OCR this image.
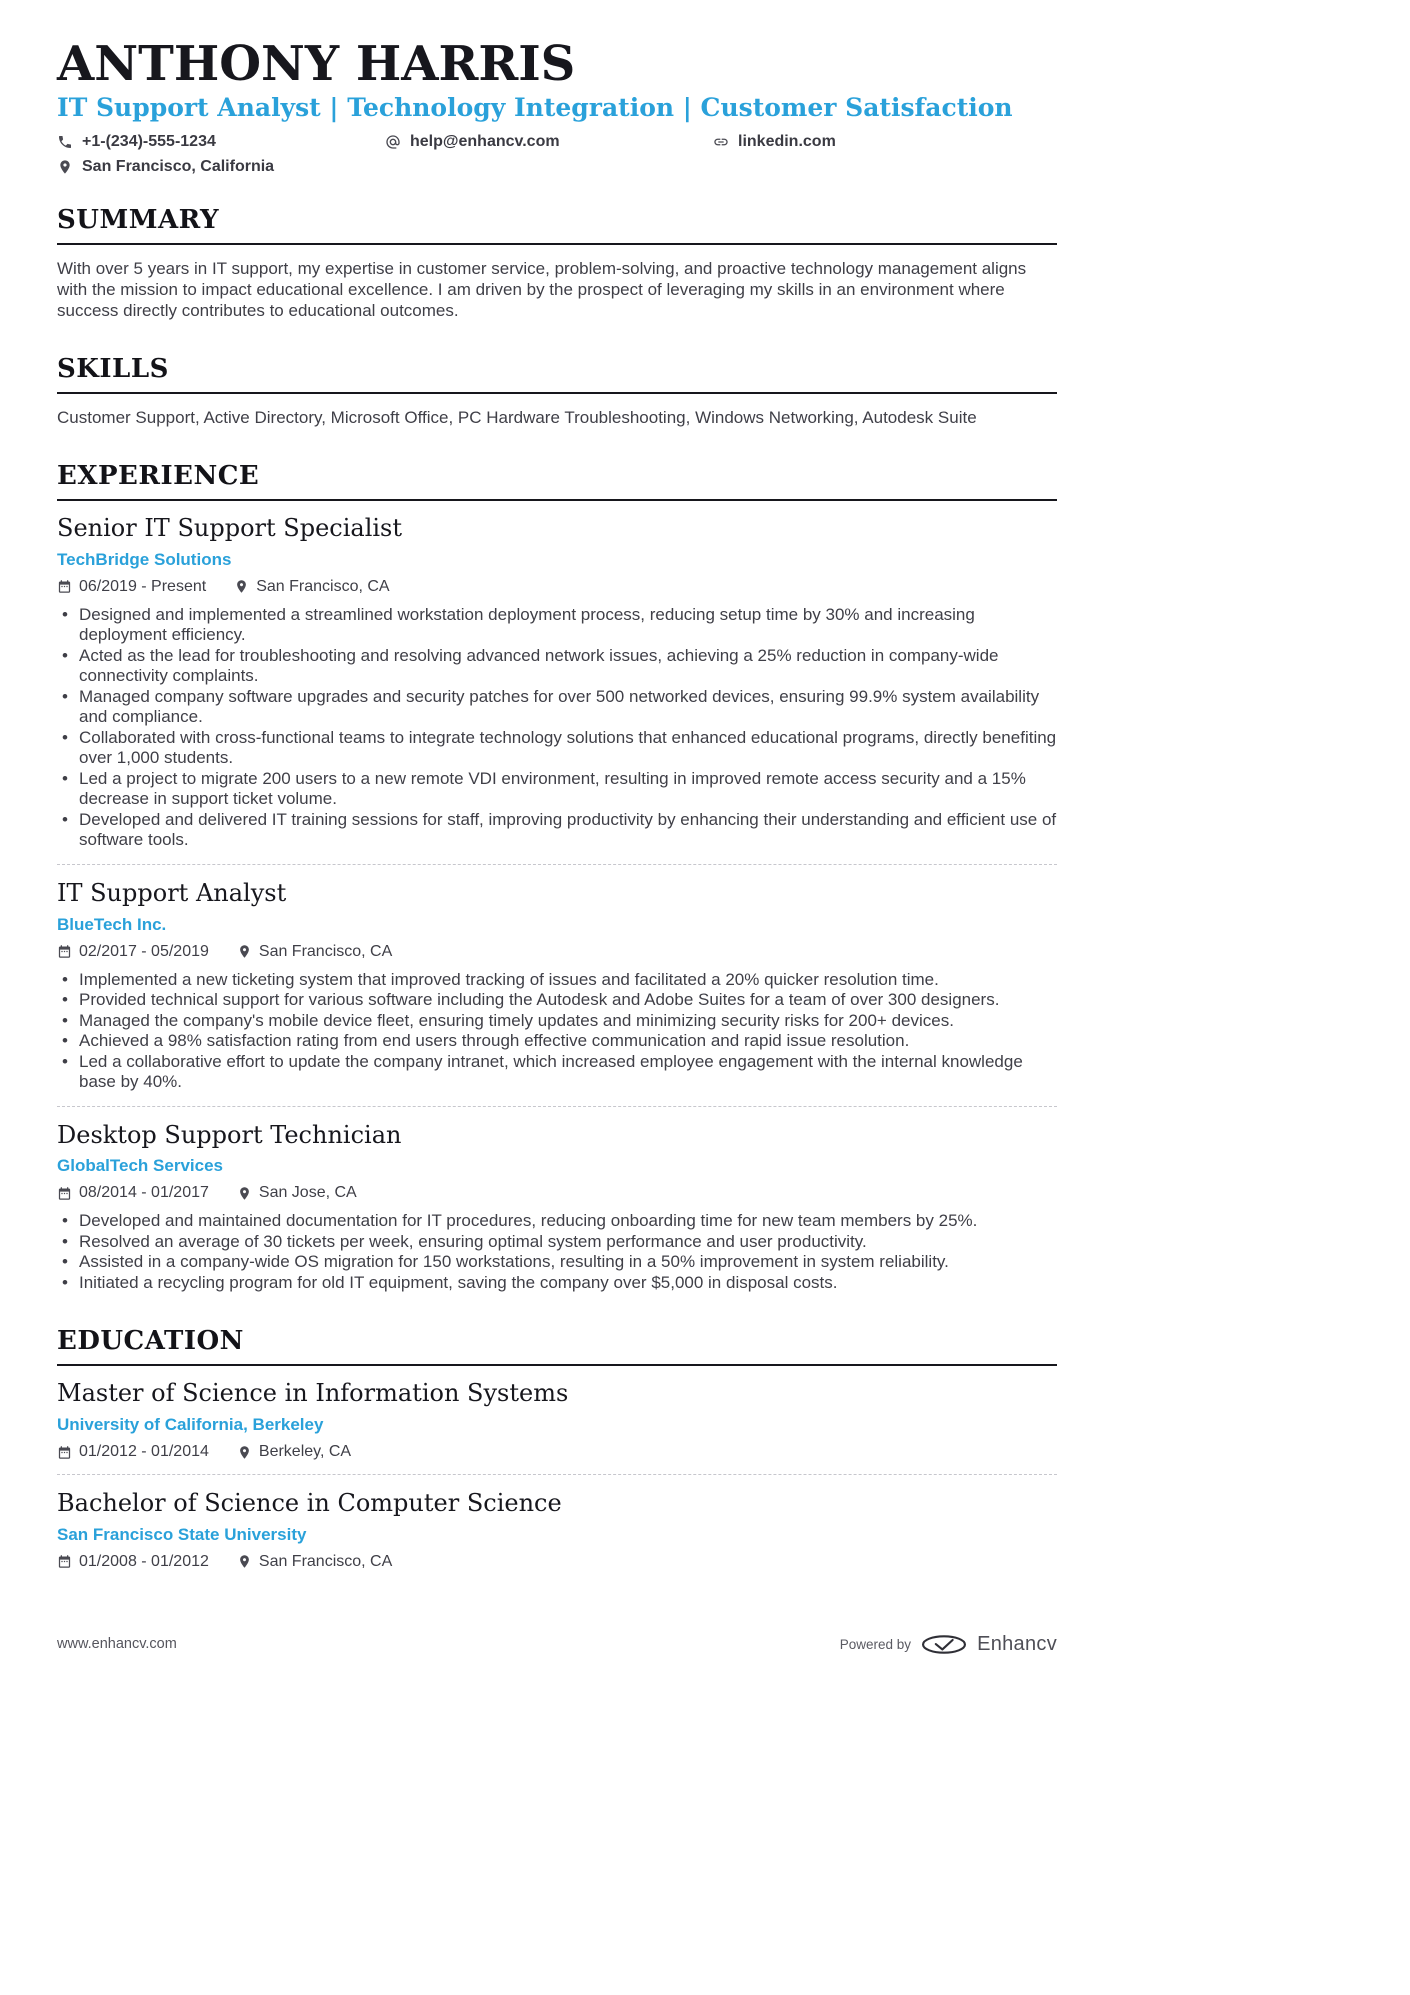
ANTHONY HARRIS
IT Support Analyst | Technology Integration | Customer Satisfaction
+1-(234)-555-1234	help@enhancv.com	linkedin.com
San Francisco, California
SUMMARY

With over 5 years in IT support, my expertise in customer service, problem-solving, and proactive technology management aligns with the mission to impact educational excellence. I am driven by the prospect of leveraging my skills in an environment where success directly contributes to educational outcomes.

SKILLS

Customer Support, Active Directory, Microsoft Office, PC Hardware Troubleshooting, Windows Networking, Autodesk Suite

EXPERIENCE
Senior IT Support Specialist
TechBridge Solutions
06/2019 - Present	San Francisco, CA
• Designed and implemented a streamlined workstation deployment process, reducing setup time by 30% and increasing deployment efficiency.
• Acted as the lead for troubleshooting and resolving advanced network issues, achieving a 25% reduction in company-wide connectivity complaints.
• Managed company software upgrades and security patches for over 500 networked devices, ensuring 99.9% system availability and compliance.
• Collaborated with cross-functional teams to integrate technology solutions that enhanced educational programs, directly benefiting over 1,000 students.
• Led a project to migrate 200 users to a new remote VDI environment, resulting in improved remote access security and a 15% decrease in support ticket volume.
• Developed and delivered IT training sessions for staff, improving productivity by enhancing their understanding and efficient use of software tools.
IT Support Analyst
BlueTech Inc.
02/2017 - 05/2019	San Francisco, CA
• Implemented a new ticketing system that improved tracking of issues and facilitated a 20% quicker resolution time.
• Provided technical support for various software including the Autodesk and Adobe Suites for a team of over 300 designers.
• Managed the company's mobile device fleet, ensuring timely updates and minimizing security risks for 200+ devices.
• Achieved a 98% satisfaction rating from end users through effective communication and rapid issue resolution.
• Led a collaborative effort to update the company intranet, which increased employee engagement with the internal knowledge base by 40%.
Desktop Support Technician
GlobalTech Services
08/2014 - 01/2017	San Jose, CA
• Developed and maintained documentation for IT procedures, reducing onboarding time for new team members by 25%.
• Resolved an average of 30 tickets per week, ensuring optimal system performance and user productivity.
• Assisted in a company-wide OS migration for 150 workstations, resulting in a 50% improvement in system reliability.
• Initiated a recycling program for old IT equipment, saving the company over $5,000 in disposal costs.
EDUCATION
Master of Science in Information Systems
University of California, Berkeley
01/2012 - 01/2014	Berkeley, CA
Bachelor of Science in Computer Science
San Francisco State University
01/2008 - 01/2012	San Francisco, CA
www.enhancv.com	Powered by	Enhancv
